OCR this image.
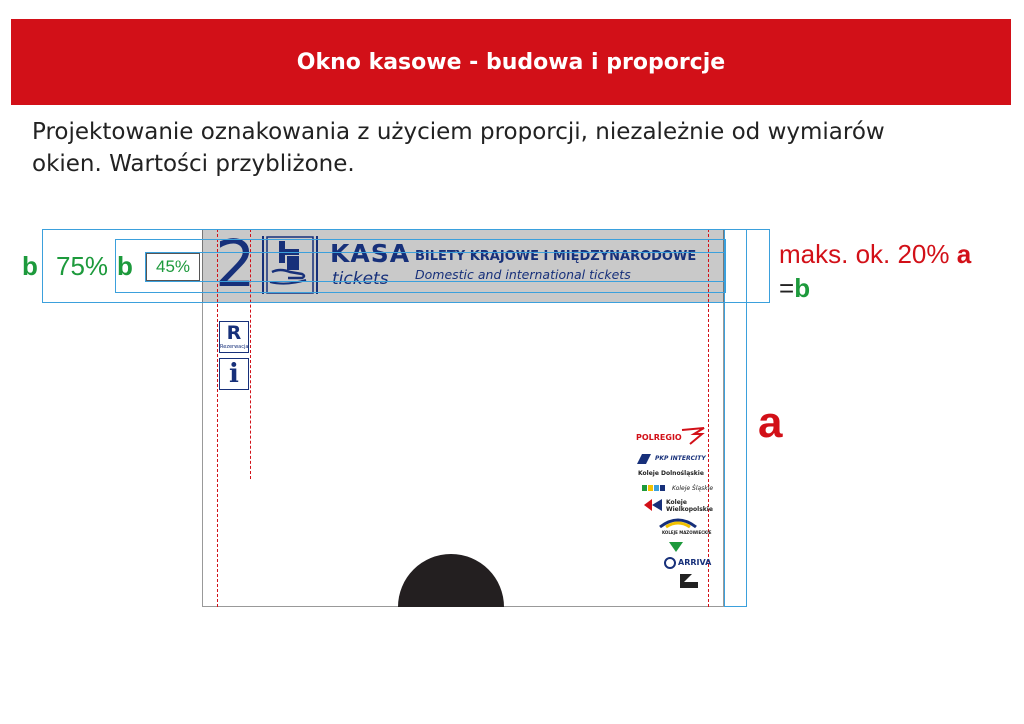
Okno kasowe - budowa i proporcje
Projektowanie oznakowania z użyciem proporcji, niezależnie od wymiarów
okien. Wartości przybliżone.
2	KASA
tickets
BILETY KRAJOWE I MIĘDZYNARODOWE
Domestic and international tickets
R
Rezerwacja
i
45%
b 75% b	maks. ok. 20% a
=b
a
POLREGIO
PKP INTERCITY
Koleje Dolnośląskie
Koleje Śląskie
Koleje Wielkopolskie
KOLEJE MAZOWIECKIE
ARRIVA
